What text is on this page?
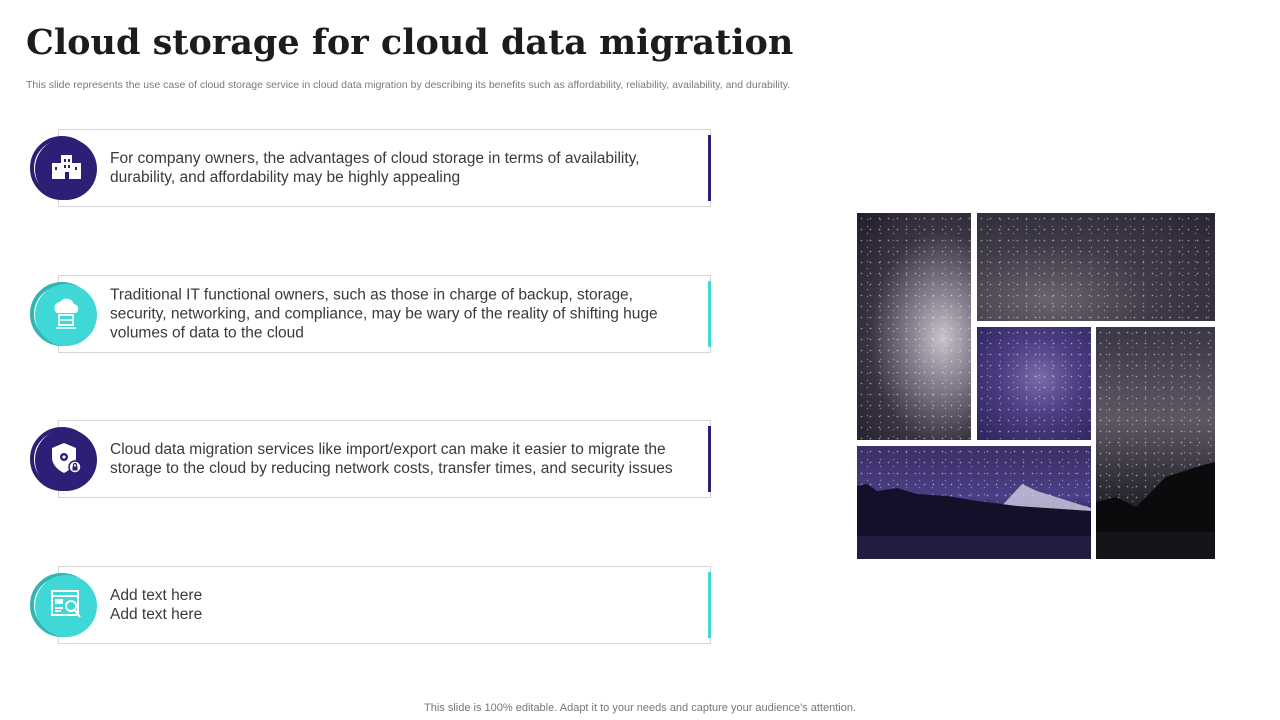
Cloud storage for cloud data migration

This slide represents the use case of cloud storage service in cloud data migration by describing its benefits such as affordability, reliability, availability, and durability.

For company owners, the advantages of cloud storage in terms of availability, durability, and affordability may be highly appealing
Traditional IT functional owners, such as those in charge of backup, storage, security, networking, and compliance, may be wary of the reality of shifting huge volumes of data to the cloud
Cloud data migration services like import/export can make it easier to migrate the storage to the cloud by reducing network costs, transfer times, and security issues
Add text here
Add text here

This slide is 100% editable. Adapt it to your needs and capture your audience's attention.
